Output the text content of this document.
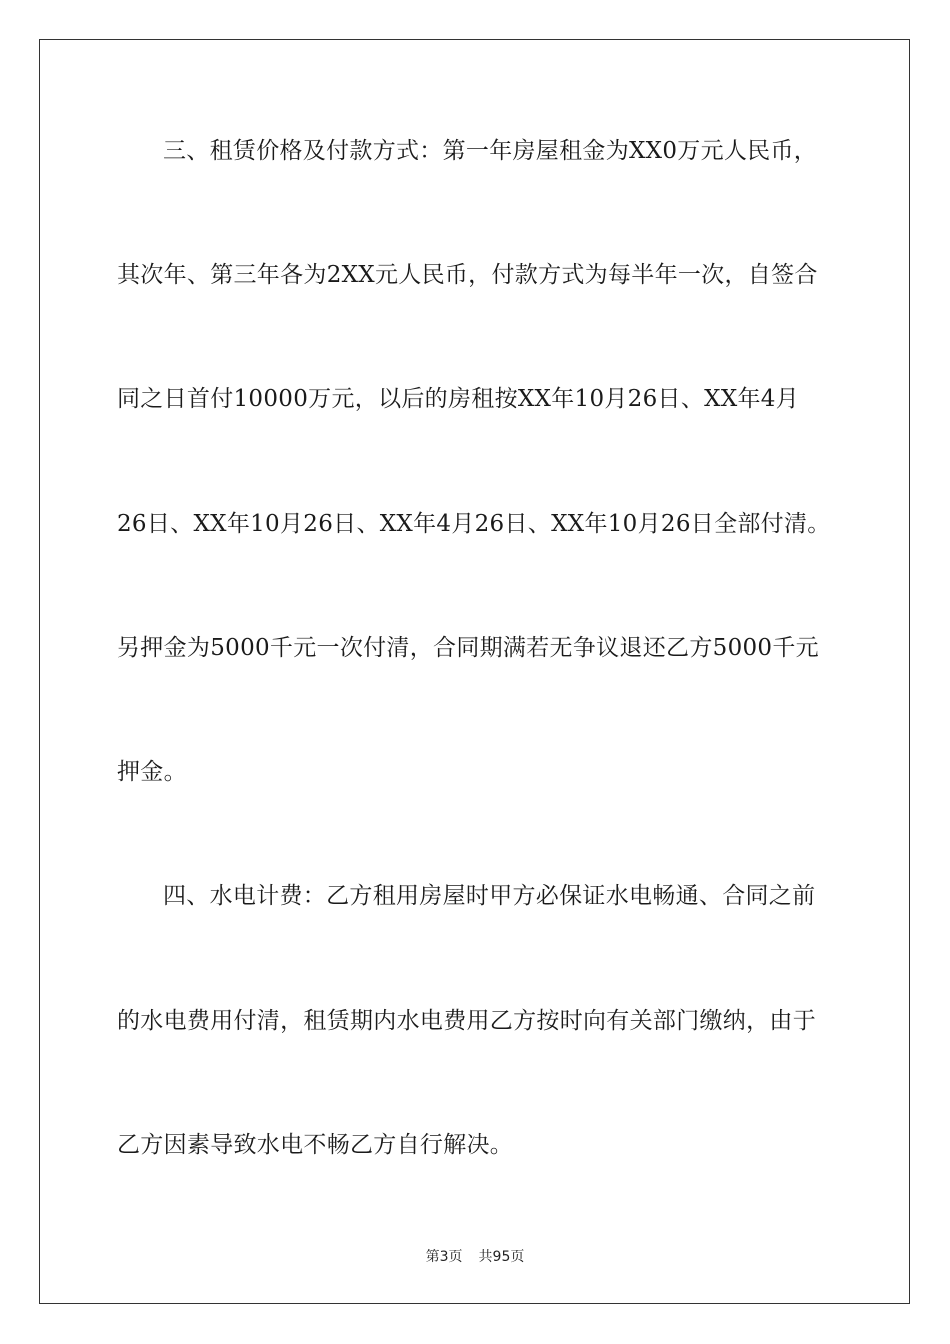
三、租赁价格及付款方式：第一年房屋租金为XX0万元人民币，
其次年、第三年各为2XX元人民币，付款方式为每半年一次，自签合
同之日首付10000万元，以后的房租按XX年10月26日、XX年4月
26日、XX年10月26日、XX年4月26日、XX年10月26日全部付清。
另押金为5000千元一次付清，合同期满若无争议退还乙方5000千元
押金。
四、水电计费：乙方租用房屋时甲方必保证水电畅通、合同之前
的水电费用付清，租赁期内水电费用乙方按时向有关部门缴纳，由于
乙方因素导致水电不畅乙方自行解决。
第3页 共95页
